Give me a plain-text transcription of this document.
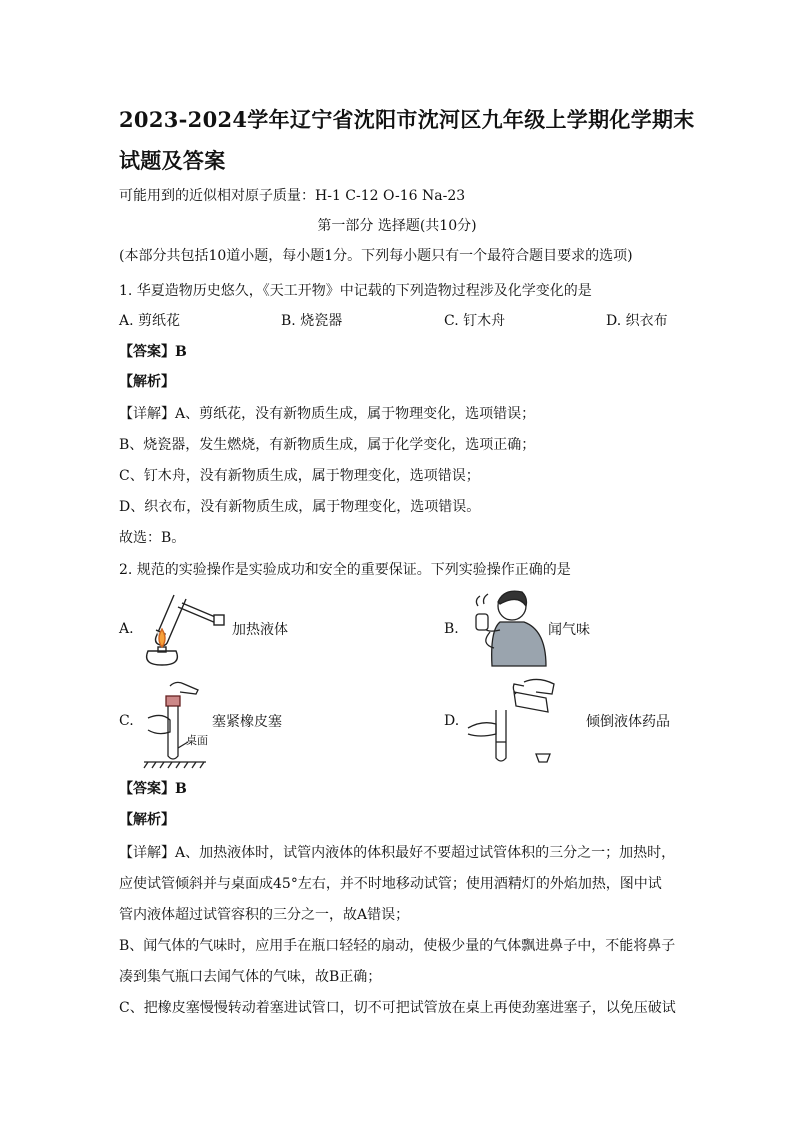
2023-2024学年辽宁省沈阳市沈河区九年级上学期化学期末
试题及答案
可能用到的近似相对原子质量：H-1 C-12 O-16 Na-23
第一部分 选择题(共10分)
(本部分共包括10道小题，每小题1分。下列每小题只有一个最符合题目要求的选项)
1. 华夏造物历史悠久，《天工开物》中记载的下列造物过程涉及化学变化的是
A. 剪纸花	B. 烧瓷器	C. 钉木舟	D. 织衣布
【答案】B
【解析】
【详解】A、剪纸花，没有新物质生成，属于物理变化，选项错误；
B、烧瓷器，发生燃烧，有新物质生成，属于化学变化，选项正确；
C、钉木舟，没有新物质生成，属于物理变化，选项错误；
D、织衣布，没有新物质生成，属于物理变化，选项错误。
故选：B。
2. 规范的实验操作是实验成功和安全的重要保证。下列实验操作正确的是
A.	加热液体	B.	闻气味
C.
桌面
塞紧橡皮塞	D.	倾倒液体药品
【答案】B
【解析】
【详解】A、加热液体时，试管内液体的体积最好不要超过试管体积的三分之一；加热时，
应使试管倾斜并与桌面成45°左右，并不时地移动试管；使用酒精灯的外焰加热，图中试
管内液体超过试管容积的三分之一，故A错误；
B、闻气体的气味时，应用手在瓶口轻轻的扇动，使极少量的气体飘进鼻子中，不能将鼻子
凑到集气瓶口去闻气体的气味，故B正确；
C、把橡皮塞慢慢转动着塞进试管口，切不可把试管放在桌上再使劲塞进塞子，以免压破试
